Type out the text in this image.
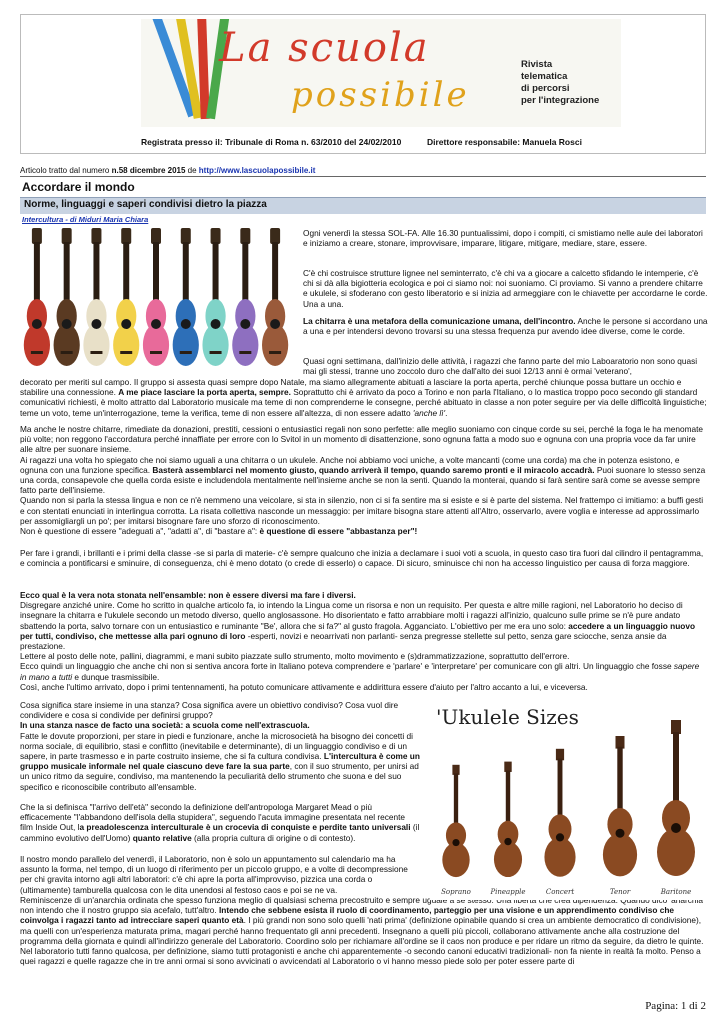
La scuola
possibile
Rivista
telematica
di percorsi
per l'integrazione
Registrata presso il: Tribunale di Roma n. 63/2010 del 24/02/2010	Direttore responsabile: Manuela Rosci
Articolo tratto dal numero n.58 dicembre 2015 de http://www.lascuolapossibile.it
Accordare il mondo
Norme, linguaggi e saperi condivisi dietro la piazza
Intercultura - di Miduri Maria Chiara
Ogni venerdì la stessa SOL-FA. Alle 16.30 puntualissimi, dopo i compiti, ci smistiamo nelle aule dei laboratori e iniziamo a creare, stonare, improvvisare, imparare, litigare, mitigare, mediare, stare, essere.
C'è chi costruisce strutture lignee nel seminterrato, c'è chi va a giocare a calcetto sfidando le intemperie, c'è chi si dà alla bigiotteria ecologica e poi ci siamo noi: noi suoniamo. Ci proviamo. Si vanno a prendere chitarre e ukulele, si sfoderano con gesto liberatorio e si inizia ad armeggiare con le chiavette per accordarne le corde. Una a una.
La chitarra è una metafora della comunicazione umana, dell'incontro. Anche le persone si accordano una a una e per intendersi devono trovarsi su una stessa frequenza pur avendo idee diverse, come le corde.
Quasi ogni settimana, dall'inizio delle attività, i ragazzi che fanno parte del mio Laboaratorio non sono quasi mai gli stessi, tranne uno zoccolo duro che dall'alto dei suoi 12/13 anni è ormai 'veterano',
decorato per meriti sul campo. Il gruppo si assesta quasi sempre dopo Natale, ma siamo allegramente abituati a lasciare la porta aperta, perché chiunque possa buttare un occhio e stabilire una connessione. A me piace lasciare la porta aperta, sempre. Soprattutto chi è arrivato da poco a Torino e non parla l'Italiano, o lo mastica troppo poco secondo gli standard comunicativi richiesti, è molto attratto dal Laboratorio musicale ma teme di non comprenderne le consegne, perché abituato in classe a non poter seguire per via delle difficoltà linguistiche; teme un voto, teme un'interrogazione, teme la verifica, teme di non essere all'altezza, di non essere adatto 'anche lì'.
Ma anche le nostre chitarre, rimediate da donazioni, prestiti, cessioni o entusiastici regali non sono perfette: alle meglio suoniamo con cinque corde su sei, perché la foga le ha menomate più volte; non reggono l'accordatura perché innaffiate per errore con lo Svitol in un momento di disattenzione, sono ognuna fatta a modo suo e ognuna con una propria voce da far unire alle altre per suonare insieme.
Ai ragazzi una volta ho spiegato che noi siamo uguali a una chitarra o un ukulele. Anche noi abbiamo voci uniche, a volte mancanti (come una corda) ma che in potenza esistono, e ognuna con una funzione specifica. Basterà assemblarci nel momento giusto, quando arriverà il tempo, quando saremo pronti e il miracolo accadrà. Puoi suonare lo stesso senza una corda, consapevole che quella corda esiste e includendola mentalmente nell'insieme anche se non la senti. Quando la monterai, quando si farà sentire sarà come se avesse sempre fatto parte dell'insieme.
Quando non si parla la stessa lingua e non ce n'è nemmeno una veicolare, si sta in silenzio, non ci si fa sentire ma si esiste e si è parte del sistema. Nel frattempo ci imitiamo: a buffi gesti e con stentati enunciati in interlingua corrotta. La risata collettiva nasconde un messaggio: per imitare bisogna stare attenti all'Altro, osservarlo, avere voglia e interesse ad approssimarlo per assomigliargli un po'; per imitarsi bisognare fare uno sforzo di riconoscimento.
Non è questione di essere "adeguati a", "adatti a", di "bastare a": è questione di essere "abbastanza per"!
Per fare i grandi, i brillanti e i primi della classe -se si parla di materie- c'è sempre qualcuno che inizia a declamare i suoi voti a scuola, in questo caso tira fuori dal cilindro il pentagramma, e comincia a pontificarsi e sminuire, di conseguenza, chi è meno dotato (o crede di esserlo) o capace. Di sicuro, sminuisce chi non ha accesso linguistico per causa di forza maggiore.
Ecco qual è la vera nota stonata nell'ensamble: non è essere diversi ma fare i diversi.
Disgregare anziché unire. Come ho scritto in qualche articolo fa, io intendo la Lingua come un risorsa e non un requisito. Per questa e altre mille ragioni, nel Laboratorio ho deciso di insegnare la chitarra e l'ukulele secondo un metodo diverso, quello anglosassone. Ho disorientato e fatto arrabbiare molti i ragazzi all'inizio, qualcuno sulle prime se n'è pure andato sbattendo la porta, salvo tornare con un entusiastico e ruminante "Be', allora che si fa?" al gusto fragola. Agganciato. L'obiettivo per me era uno solo: accedere a un linguaggio nuovo per tutti, condiviso, che mettesse alla pari ognuno di loro -esperti, novizi e neoarrivati non parlanti- senza pregresse stellette sul petto, senza gare sciocche, senza ansie da prestazione.
Lettere al posto delle note, pallini, diagrammi, e mani subito piazzate sullo strumento, molto movimento e (s)drammatizzazione, soprattutto dell'errore.
Ecco quindi un linguaggio che anche chi non si sentiva ancora forte in Italiano poteva comprendere e 'parlare' e 'interpretare' per comunicare con gli altri. Un linguaggio che fosse sapere in mano a tutti e dunque trasmissibile.
Così, anche l'ultimo arrivato, dopo i primi tentennamenti, ha potuto comunicare attivamente e addirittura essere d'aiuto per l'altro accanto a lui, e viceversa.
Cosa significa stare insieme in una stanza? Cosa significa avere un obiettivo condiviso? Cosa vuol dire condividere e cosa si condivide per definirsi gruppo?
In una stanza nasce de facto una società: a scuola come nell'extrascuola.
Fatte le dovute proporzioni, per stare in piedi e funzionare, anche la microsocietà ha bisogno dei concetti di norma sociale, di equilibrio, stasi e conflitto (inevitabile e determinante), di un linguaggio condiviso e di un sapere, in parte trasmesso e in parte costruito insieme, che si fa cultura condivisa. L'intercultura è come un gruppo musicale informale nel quale ciascuno deve fare la sua parte, con il suo strumento, per unirsi ad un unico ritmo da seguire, condiviso, ma mantenendo la peculiarità dello strumento che suona e del suo specifico e riconoscibile contributo all'ensamble.
Che la si definisca "l'arrivo dell'età" secondo la definizione dell'antropologa Margaret Mead o più efficacemente "l'abbandono dell'isola della stupidera", seguendo l'acuta immagine presentata nel recente film Inside Out, la preadolescenza interculturale è un crocevia di conquiste e perdite tanto universali (il cammino evolutivo dell'Uomo) quanto relative (alla propria cultura di origine o di contesto).
Il nostro mondo parallelo del venerdì, il Laboratorio, non è solo un appuntamento sul calendario ma ha assunto la forma, nel tempo, di un luogo di riferimento per un piccolo gruppo, e a volte di decompressione per chi gravita intorno agli altri laboratori: c'è chi apre la porta all'improvviso, pizzica una corda o (ultimamente) tamburella qualcosa con le dita unendosi al festoso caos e poi se ne va.
Reminiscenze di un'anarchia ordinata che spesso funziona meglio di qualsiasi schema precostruito e sempre uguale a se stesso. Una libertà che crea dipendenza. Quando dico 'anarchia' non intendo che il nostro gruppo sia acefalo, tutt'altro. Intendo che sebbene esista il ruolo di coordinamento, parteggio per una visione e un apprendimento condiviso che coinvolga i ragazzi tanto ad intrecciare saperi quanto età. I più grandi non sono solo quelli 'nati prima' (definizione opinabile quando si crea un ambiente democratico di condivisione), ma quelli con un'esperienza maturata prima, magari perché hanno frequentato gli anni precedenti. Insegnano a quelli più piccoli, collaborano attivamente anche alla costruzione del programma della giornata e quindi all'indirizzo generale del Laboratorio. Coordino solo per richiamare all'ordine se il caos non produce e per ridare un ritmo da seguire, da dietro le quinte.
Nel laboratorio tutti fanno qualcosa, per definizione, siamo tutti protagonisti e anche chi apparentemente -o secondo canoni educativi tradizionali- non fa niente in realtà fa molto. Penso a quei ragazzi e quelle ragazze che in tre anni ormai si sono avvicinati o avvicendati al Laboratorio o vi hanno messo piede solo per poter essere parte di
'Ukulele Sizes
Soprano	Pineapple	Concert	Tenor	Baritone
Pagina: 1 di 2
